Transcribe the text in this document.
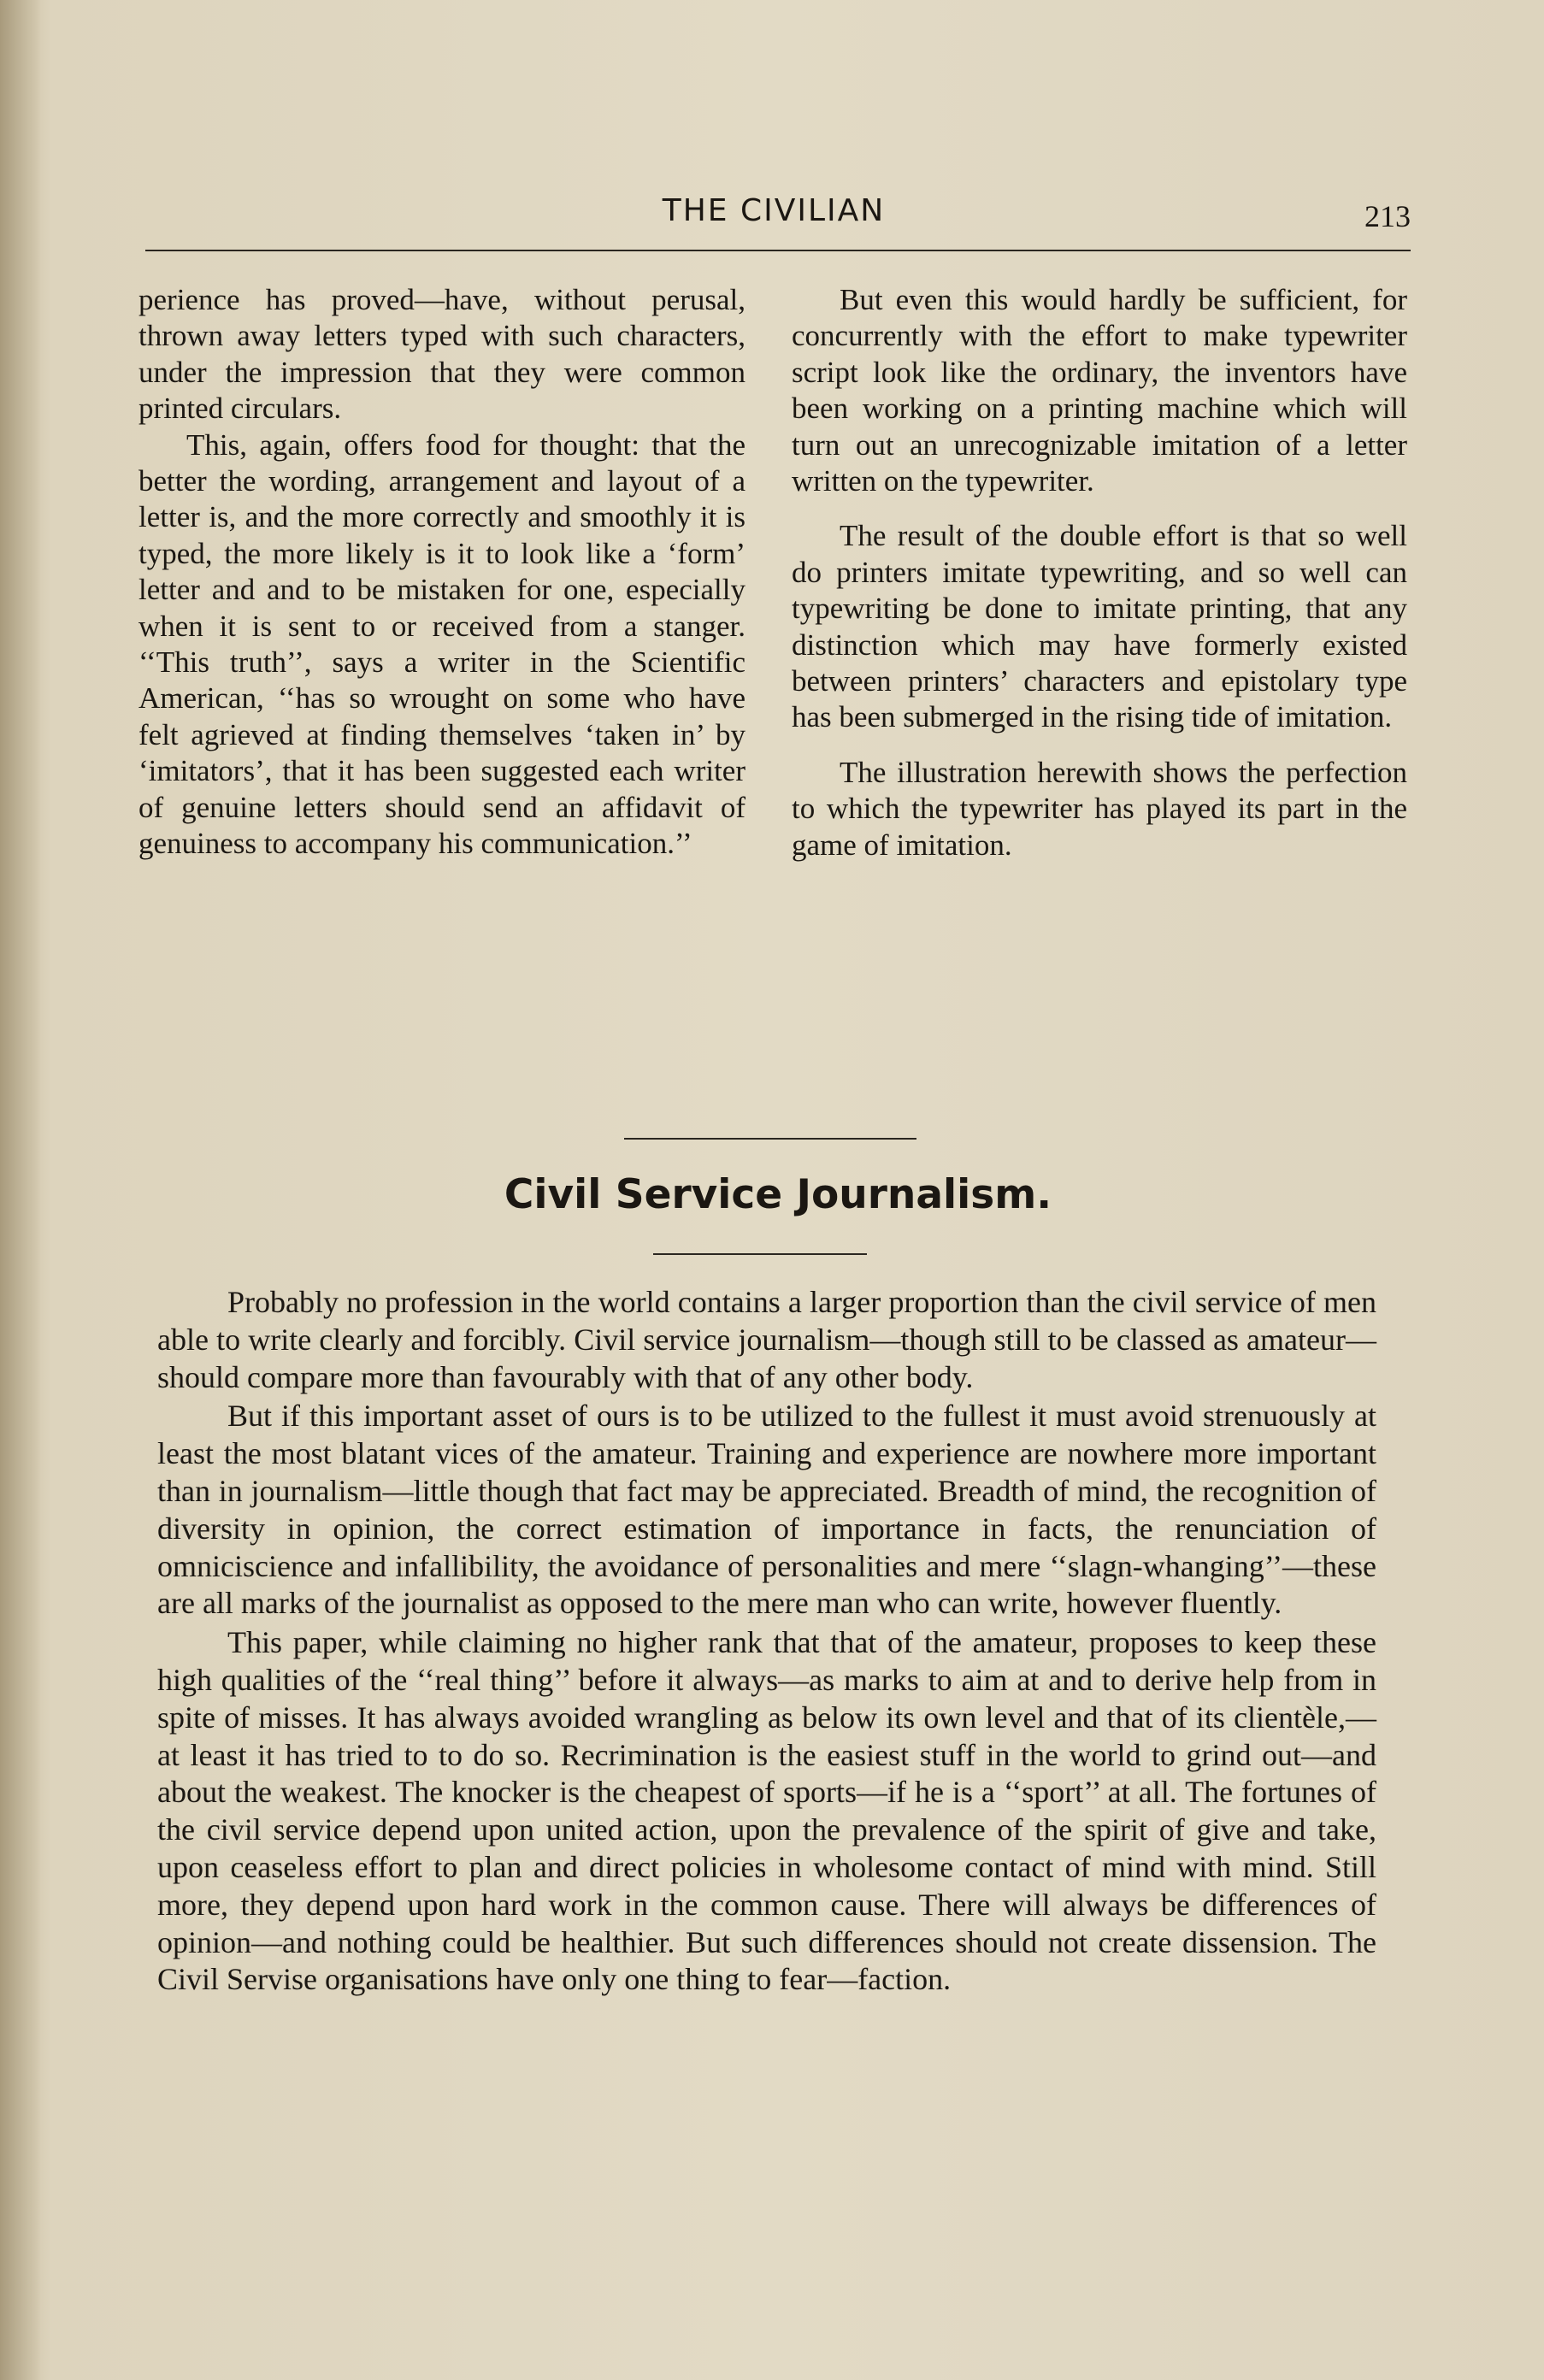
THE CIVILIAN	213

perience has proved—have, without perusal, thrown away letters typed with such characters, under the impression that they were common printed circulars.

This, again, offers food for thought: that the better the wording, arrangement and layout of a letter is, and the more correctly and smoothly it is typed, the more likely is it to look like a ‘form’ letter and and to be mistaken for one, especially when it is sent to or received from a stanger. ‘‘This truth’’, says a writer in the Scientific American, ‘‘has so wrought on some who have felt agrieved at finding themselves ‘taken in’ by ‘imitators’, that it has been suggested each writer of genuine letters should send an affidavit of genuiness to accompany his communication.’’

But even this would hardly be sufficient, for concurrently with the effort to make typewriter script look like the ordinary, the inventors have been working on a printing machine which will turn out an unrecognizable imitation of a letter written on the typewriter.

The result of the double effort is that so well do printers imitate typewriting, and so well can typewriting be done to imitate printing, that any distinction which may have formerly existed between printers’ characters and epistolary type has been submerged in the rising tide of imitation.

The illustration herewith shows the perfection to which the typewriter has played its part in the game of imitation.

Civil Service Journalism.

Probably no profession in the world contains a larger proportion than the civil service of men able to write clearly and forcibly. Civil service journalism—though still to be classed as amateur—should compare more than favourably with that of any other body.

But if this important asset of ours is to be utilized to the fullest it must avoid strenuously at least the most blatant vices of the amateur. Training and experience are nowhere more important than in journalism—little though that fact may be appreciated. Breadth of mind, the recognition of diversity in opinion, the correct estimation of importance in facts, the renunciation of omniciscience and infallibility, the avoidance of personalities and mere ‘‘slagn-whanging’’—these are all marks of the journalist as opposed to the mere man who can write, however fluently.

This paper, while claiming no higher rank that that of the amateur, proposes to keep these high qualities of the ‘‘real thing’’ before it always—as marks to aim at and to derive help from in spite of misses. It has always avoided wrangling as below its own level and that of its clientèle,—at least it has tried to to do so. Recrimination is the easiest stuff in the world to grind out—and about the weakest. The knocker is the cheapest of sports—if he is a ‘‘sport’’ at all. The fortunes of the civil service depend upon united action, upon the prevalence of the spirit of give and take, upon ceaseless effort to plan and direct policies in wholesome contact of mind with mind. Still more, they depend upon hard work in the common cause. There will always be differences of opinion—and nothing could be healthier. But such differences should not create dissension. The Civil Servise organisations have only one thing to fear—faction.
